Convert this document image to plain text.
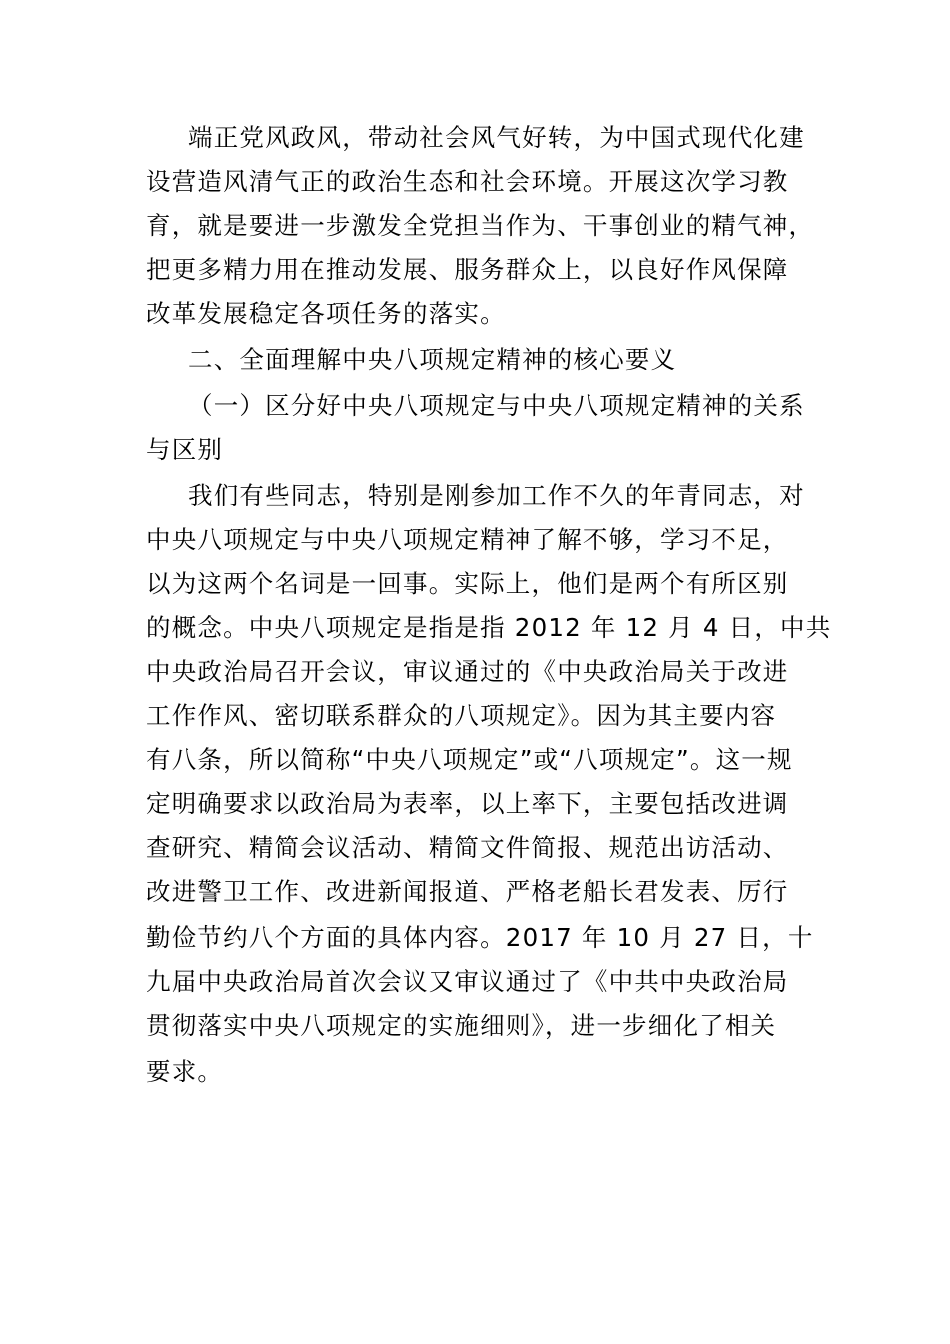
端正党风政风，带动社会风气好转，为中国式现代化建
设营造风清气正的政治生态和社会环境。开展这次学习教
育，就是要进一步激发全党担当作为、干事创业的精气神，
把更多精力用在推动发展、服务群众上，以良好作风保障
改革发展稳定各项任务的落实。
二、全面理解中央八项规定精神的核心要义
（一）区分好中央八项规定与中央八项规定精神的关系
与区别
我们有些同志，特别是刚参加工作不久的年青同志，对
中央八项规定与中央八项规定精神了解不够，学习不足，
以为这两个名词是一回事。实际上，他们是两个有所区别
的概念。中央八项规定是指是指 2012 年 12 月 4 日，中共
中央政治局召开会议，审议通过的《中央政治局关于改进
工作作风、密切联系群众的八项规定》。因为其主要内容
有八条，所以简称“中央八项规定”或“八项规定”。这一规
定明确要求以政治局为表率，以上率下，主要包括改进调
查研究、精简会议活动、精简文件简报、规范出访活动、
改进警卫工作、改进新闻报道、严格老船长君发表、厉行
勤俭节约八个方面的具体内容。2017 年 10 月 27 日，十
九届中央政治局首次会议又审议通过了《中共中央政治局
贯彻落实中央八项规定的实施细则》，进一步细化了相关
要求。
